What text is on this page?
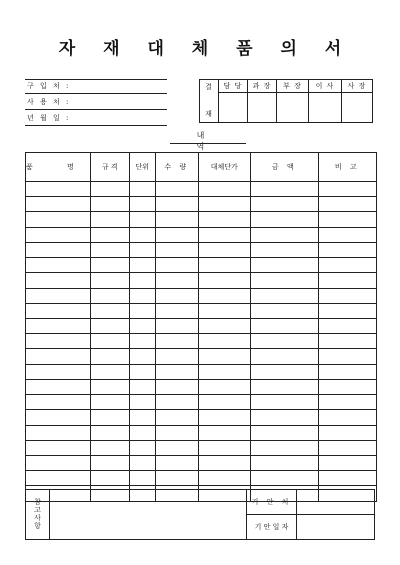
자 재 대 체 품 의 서
구 입 처 :
사 용 처 :
년 월 일 :
결
재	담 당	과 장	부 장	이 사	사 장

내 역
품 명	규 격	단위	수 량	대체단가	금 액	비 고

참고사항		기 안 처	
		기 안 일 자	
